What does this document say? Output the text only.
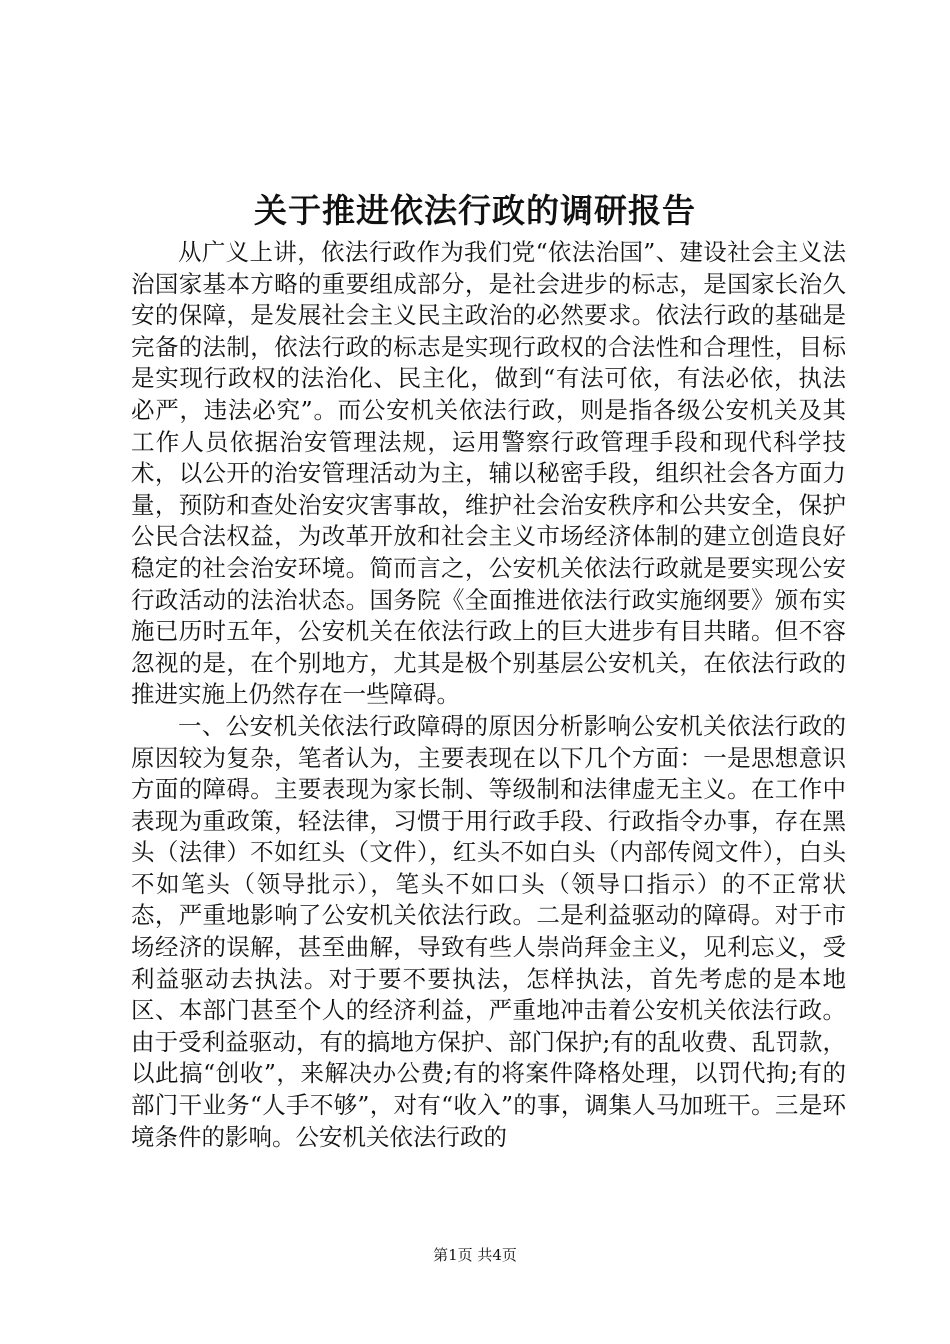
关于推进依法行政的调研报告

从广义上讲，依法行政作为我们党“依法治国”、建设社会主义法治国家基本方略的重要组成部分，是社会进步的标志，是国家长治久安的保障，是发展社会主义民主政治的必然要求。依法行政的基础是完备的法制，依法行政的标志是实现行政权的合法性和合理性，目标是实现行政权的法治化、民主化，做到“有法可依，有法必依，执法必严，违法必究”。而公安机关依法行政，则是指各级公安机关及其工作人员依据治安管理法规，运用警察行政管理手段和现代科学技术，以公开的治安管理活动为主，辅以秘密手段，组织社会各方面力量，预防和查处治安灾害事故，维护社会治安秩序和公共安全，保护公民合法权益，为改革开放和社会主义市场经济体制的建立创造良好稳定的社会治安环境。简而言之，公安机关依法行政就是要实现公安行政活动的法治状态。国务院《全面推进依法行政实施纲要》颁布实施已历时五年，公安机关在依法行政上的巨大进步有目共睹。但不容忽视的是，在个别地方，尤其是极个别基层公安机关，在依法行政的推进实施上仍然存在一些障碍。

一、公安机关依法行政障碍的原因分析影响公安机关依法行政的原因较为复杂，笔者认为，主要表现在以下几个方面：一是思想意识方面的障碍。主要表现为家长制、等级制和法律虚无主义。在工作中表现为重政策，轻法律，习惯于用行政手段、行政指令办事，存在黑头（法律）不如红头（文件），红头不如白头（内部传阅文件），白头不如笔头（领导批示），笔头不如口头（领导口指示）的不正常状态，严重地影响了公安机关依法行政。二是利益驱动的障碍。对于市场经济的误解，甚至曲解，导致有些人崇尚拜金主义，见利忘义，受利益驱动去执法。对于要不要执法，怎样执法，首先考虑的是本地区、本部门甚至个人的经济利益，严重地冲击着公安机关依法行政。由于受利益驱动，有的搞地方保护、部门保护;有的乱收费、乱罚款，以此搞“创收”，来解决办公费;有的将案件降格处理，以罚代拘;有的部门干业务“人手不够”，对有“收入”的事，调集人马加班干。三是环境条件的影响。公安机关依法行政的

第1页 共4页
